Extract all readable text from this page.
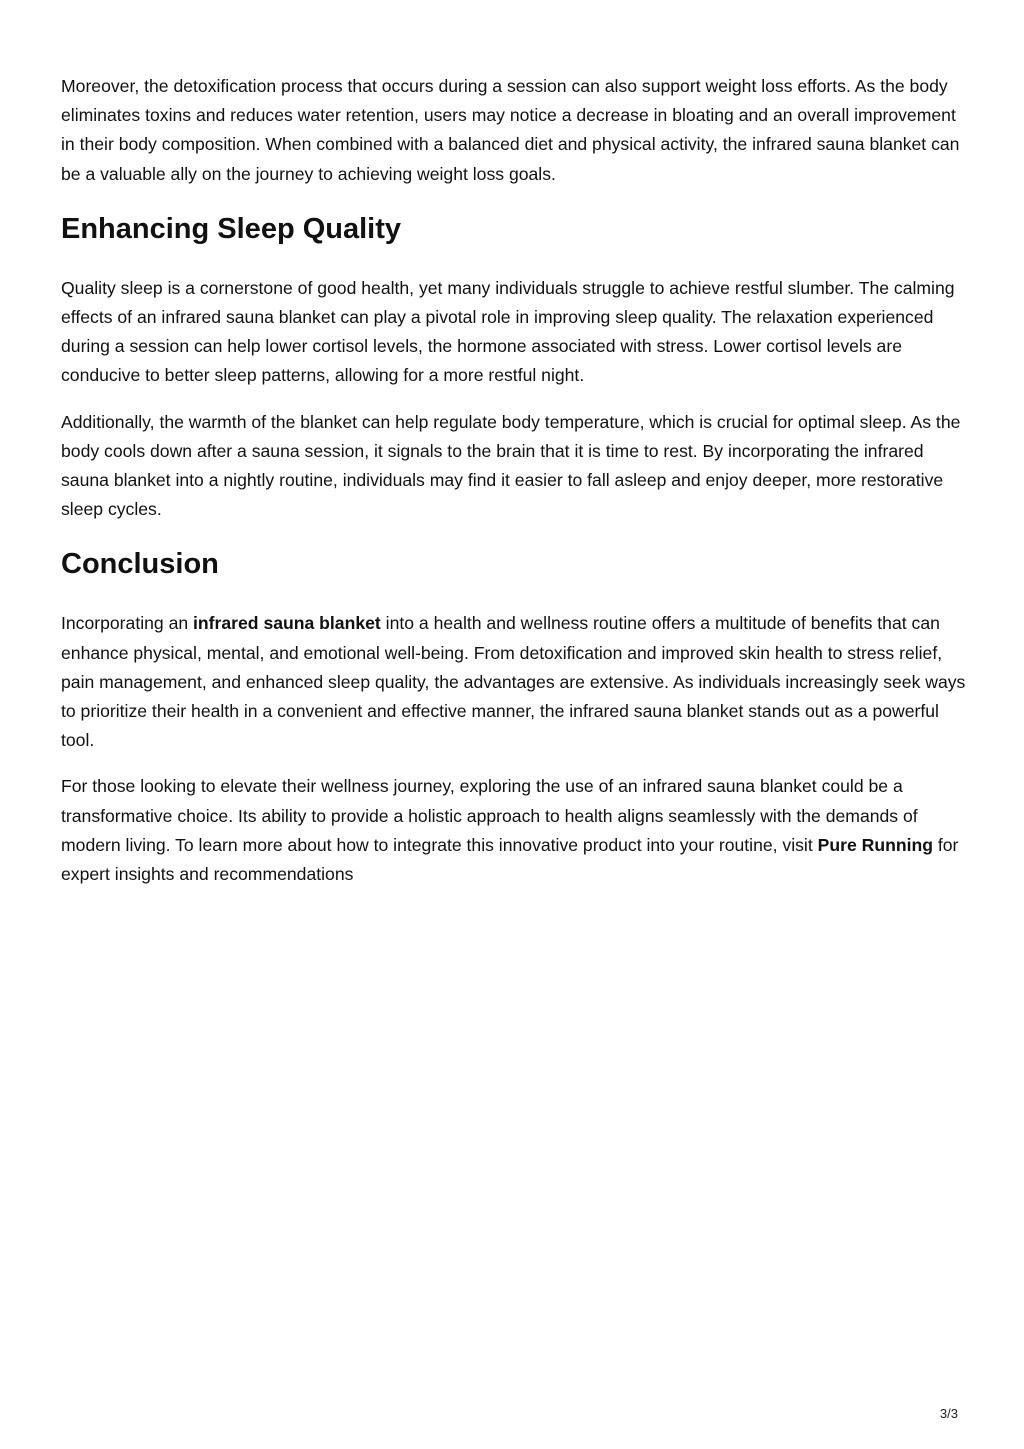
Moreover, the detoxification process that occurs during a session can also support weight loss efforts. As the body eliminates toxins and reduces water retention, users may notice a decrease in bloating and an overall improvement in their body composition. When combined with a balanced diet and physical activity, the infrared sauna blanket can be a valuable ally on the journey to achieving weight loss goals.

Enhancing Sleep Quality

Quality sleep is a cornerstone of good health, yet many individuals struggle to achieve restful slumber. The calming effects of an infrared sauna blanket can play a pivotal role in improving sleep quality. The relaxation experienced during a session can help lower cortisol levels, the hormone associated with stress. Lower cortisol levels are conducive to better sleep patterns, allowing for a more restful night.

Additionally, the warmth of the blanket can help regulate body temperature, which is crucial for optimal sleep. As the body cools down after a sauna session, it signals to the brain that it is time to rest. By incorporating the infrared sauna blanket into a nightly routine, individuals may find it easier to fall asleep and enjoy deeper, more restorative sleep cycles.

Conclusion

Incorporating an infrared sauna blanket into a health and wellness routine offers a multitude of benefits that can enhance physical, mental, and emotional well-being. From detoxification and improved skin health to stress relief, pain management, and enhanced sleep quality, the advantages are extensive. As individuals increasingly seek ways to prioritize their health in a convenient and effective manner, the infrared sauna blanket stands out as a powerful tool.

For those looking to elevate their wellness journey, exploring the use of an infrared sauna blanket could be a transformative choice. Its ability to provide a holistic approach to health aligns seamlessly with the demands of modern living. To learn more about how to integrate this innovative product into your routine, visit Pure Running for expert insights and recommendations

3/3
